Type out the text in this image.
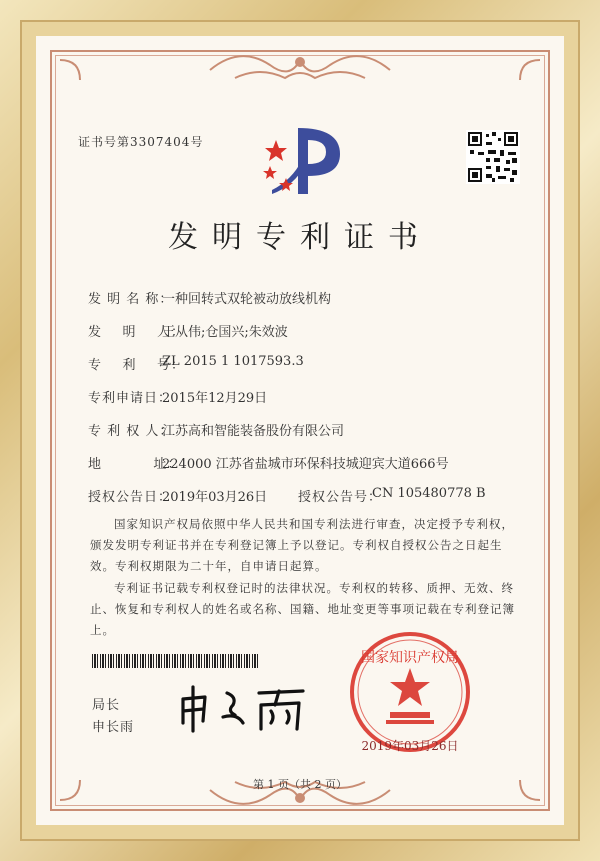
证书号第3307404号
发明专利证书
发 明 名 称：
一种回转式双轮被动放线机构
发    明    人：
王从伟;仓国兴;朱效波
专    利    号：
ZL 2015 1 1017593.3
专利申请日：
2015年12月29日
专 利 权 人：
江苏高和智能装备股份有限公司
地          址：
224000 江苏省盐城市环保科技城迎宾大道666号
授权公告日：
2019年03月26日 授权公告号：
CN 105480778 B
国家知识产权局依照中华人民共和国专利法进行审查，决定授予专利权，颁发发明专利证书并在专利登记簿上予以登记。专利权自授权公告之日起生效。专利权期限为二十年，自申请日起算。
专利证书记载专利权登记时的法律状况。专利权的转移、质押、无效、终止、恢复和专利权人的姓名或名称、国籍、地址变更等事项记载在专利登记簿上。
局长
申长雨
国家知识产权局
2019年03月26日
第 1 页（共 2 页）
